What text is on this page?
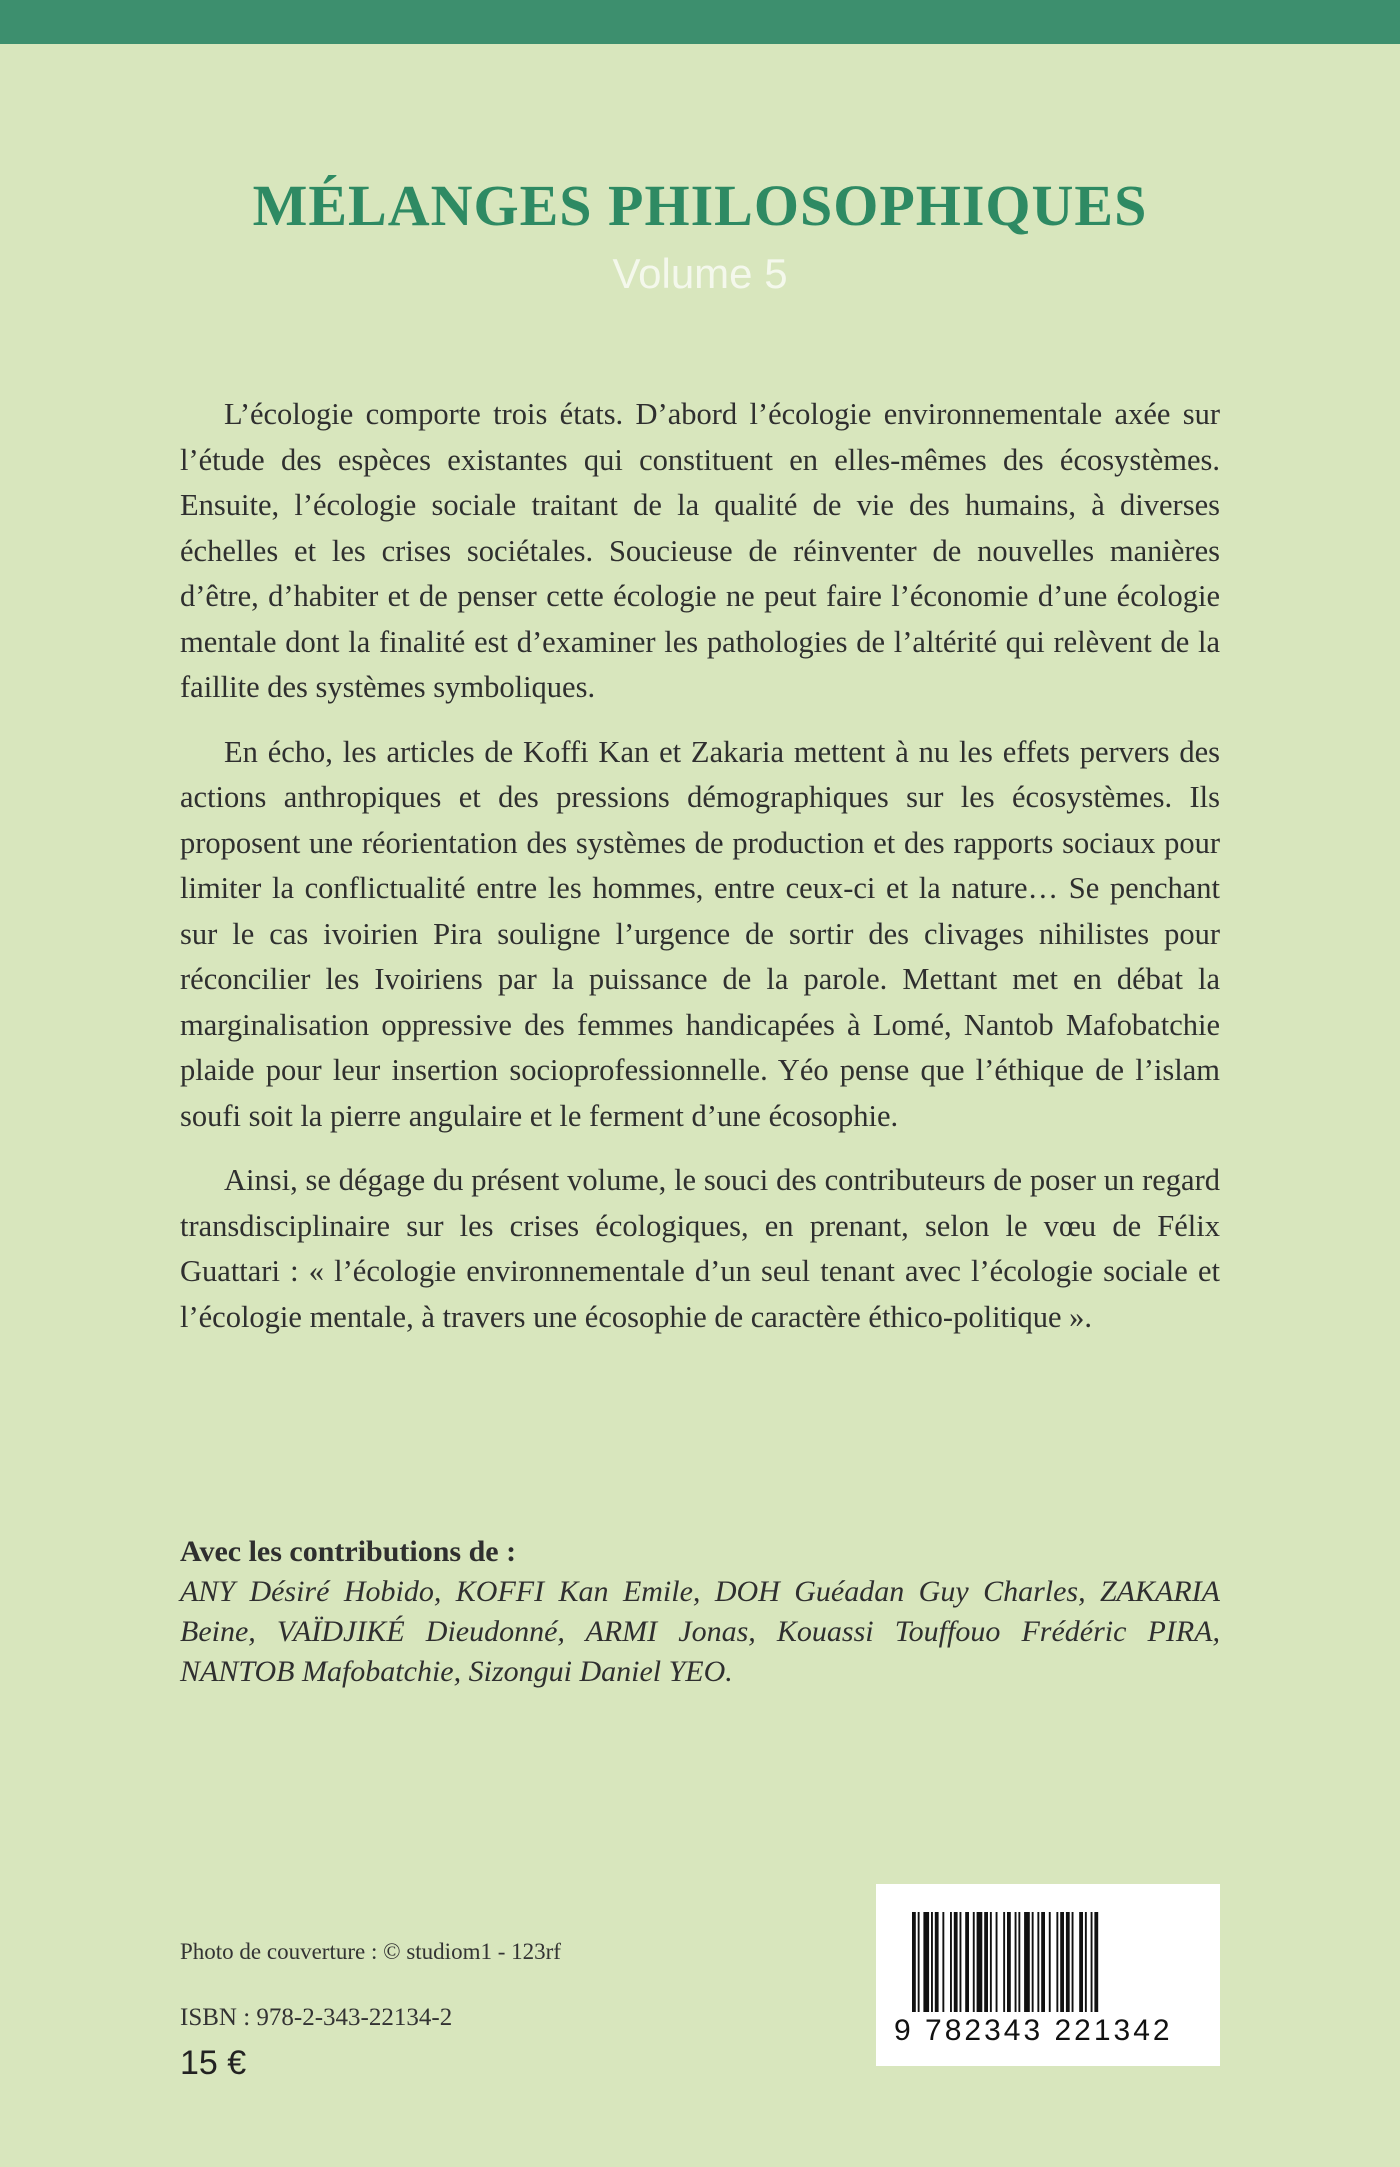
MÉLANGES PHILOSOPHIQUES
Volume 5

L’écologie comporte trois états. D’abord l’écologie environnementale axée sur l’étude des espèces existantes qui constituent en elles-mêmes des écosystèmes. Ensuite, l’écologie sociale traitant de la qualité de vie des humains, à diverses échelles et les crises sociétales. Soucieuse de réinventer de nouvelles manières d’être, d’habiter et de penser cette écologie ne peut faire l’économie d’une écologie mentale dont la finalité est d’examiner les pathologies de l’altérité qui relèvent de la faillite des systèmes symboliques.

En écho, les articles de Koffi Kan et Zakaria mettent à nu les effets pervers des actions anthropiques et des pressions démographiques sur les écosystèmes. Ils proposent une réorientation des systèmes de production et des rapports sociaux pour limiter la conflictualité entre les hommes, entre ceux-ci et la nature… Se penchant sur le cas ivoirien Pira souligne l’urgence de sortir des clivages nihilistes pour réconcilier les Ivoiriens par la puissance de la parole. Mettant met en débat la marginalisation oppressive des femmes handicapées à Lomé, Nantob Mafobatchie plaide pour leur insertion socioprofessionnelle. Yéo pense que l’éthique de l’islam soufi soit la pierre angulaire et le ferment d’une écosophie.

Ainsi, se dégage du présent volume, le souci des contributeurs de poser un regard transdisciplinaire sur les crises écologiques, en prenant, selon le vœu de Félix Guattari : « l’écologie environnementale d’un seul tenant avec l’écologie sociale et l’écologie mentale, à travers une écosophie de caractère éthico-politique ».

Avec les contributions de :

ANY Désiré Hobido, KOFFI Kan Emile, DOH Guéadan Guy Charles, ZAKARIA Beine, VAÏDJIKÉ Dieudonné, ARMI Jonas, Kouassi Touffouo Frédéric PIRA, NANTOB Mafobatchie, Sizongui Daniel YEO.

Photo de couverture : © studiom1 - 123rf
ISBN : 978-2-343-22134-2
15 €
9 782343 221342
